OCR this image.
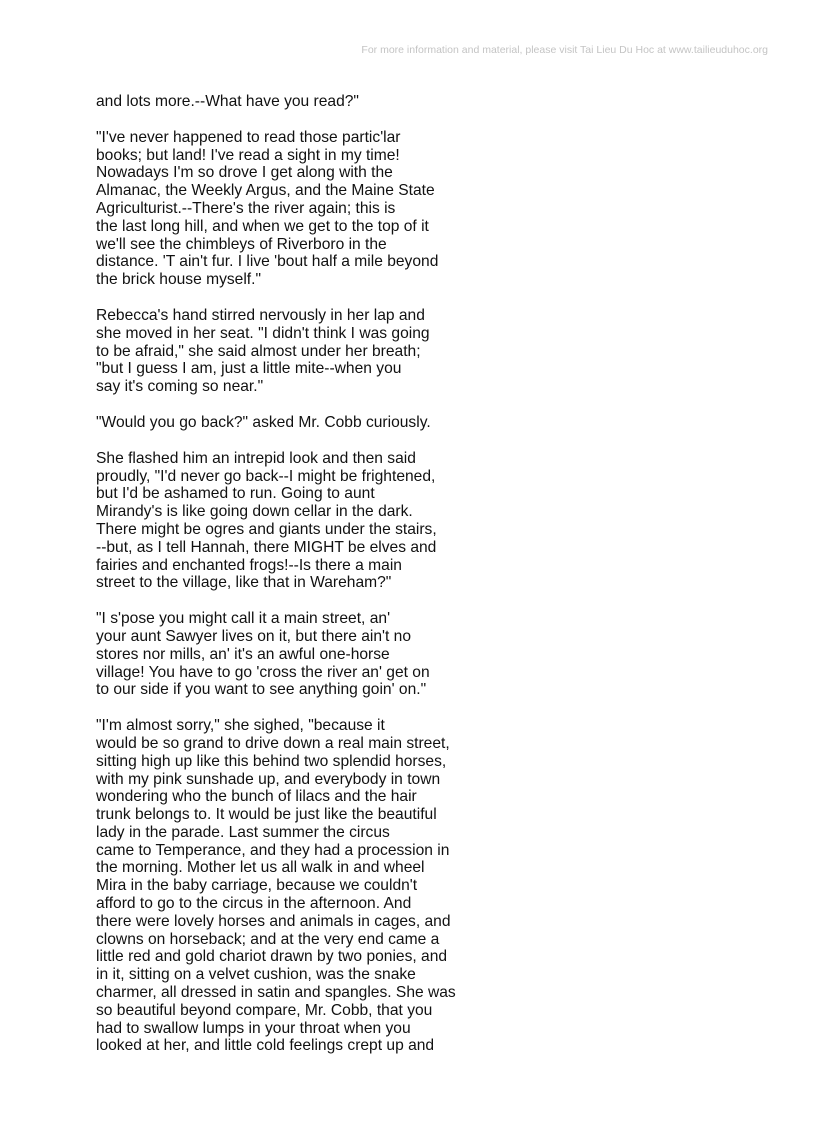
For more information and material, please visit Tai Lieu Du Hoc at www.tailieuduhoc.org

and lots more.--What have you read?"

"I've never happened to read those partic'lar
books; but land! I've read a sight in my time!
Nowadays I'm so drove I get along with the
Almanac, the Weekly Argus, and the Maine State
Agriculturist.--There's the river again; this is
the last long hill, and when we get to the top of it
we'll see the chimbleys of Riverboro in the
distance. 'T ain't fur. I live 'bout half a mile beyond
the brick house myself."

Rebecca's hand stirred nervously in her lap and
she moved in her seat. "I didn't think I was going
to be afraid," she said almost under her breath;
"but I guess I am, just a little mite--when you
say it's coming so near."

"Would you go back?" asked Mr. Cobb curiously.

She flashed him an intrepid look and then said
proudly, "I'd never go back--I might be frightened,
but I'd be ashamed to run. Going to aunt
Mirandy's is like going down cellar in the dark.
There might be ogres and giants under the stairs,
--but, as I tell Hannah, there MIGHT be elves and
fairies and enchanted frogs!--Is there a main
street to the village, like that in Wareham?"

"I s'pose you might call it a main street, an'
your aunt Sawyer lives on it, but there ain't no
stores nor mills, an' it's an awful one-horse
village! You have to go 'cross the river an' get on
to our side if you want to see anything goin' on."

"I'm almost sorry," she sighed, "because it
would be so grand to drive down a real main street,
sitting high up like this behind two splendid horses,
with my pink sunshade up, and everybody in town
wondering who the bunch of lilacs and the hair
trunk belongs to. It would be just like the beautiful
lady in the parade. Last summer the circus
came to Temperance, and they had a procession in
the morning. Mother let us all walk in and wheel
Mira in the baby carriage, because we couldn't
afford to go to the circus in the afternoon. And
there were lovely horses and animals in cages, and
clowns on horseback; and at the very end came a
little red and gold chariot drawn by two ponies, and
in it, sitting on a velvet cushion, was the snake
charmer, all dressed in satin and spangles. She was
so beautiful beyond compare, Mr. Cobb, that you
had to swallow lumps in your throat when you
looked at her, and little cold feelings crept up and
